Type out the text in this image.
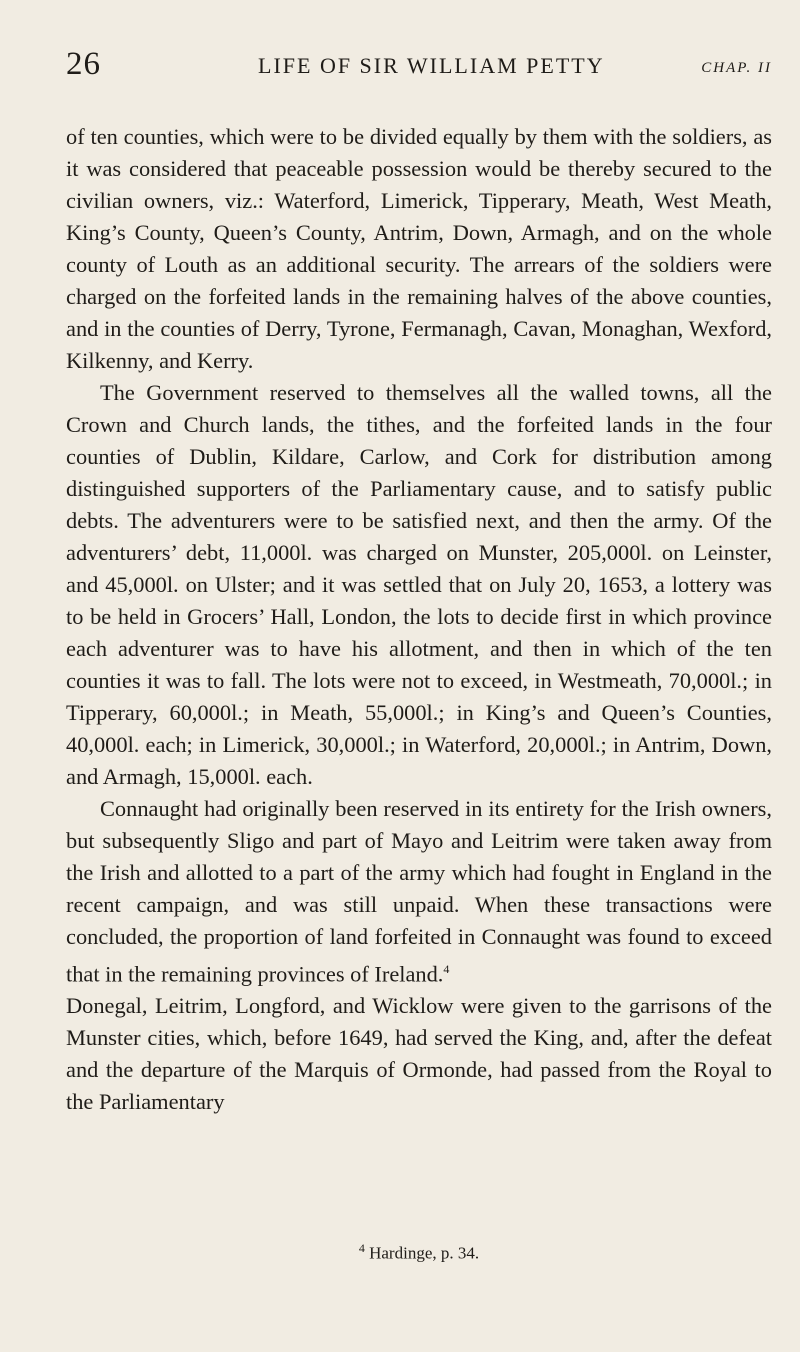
26	LIFE OF SIR WILLIAM PETTY	CHAP. II

of ten counties, which were to be divided equally by them with the soldiers, as it was considered that peaceable possession would be thereby secured to the civilian owners, viz.: Waterford, Limerick, Tipperary, Meath, West Meath, King’s County, Queen’s County, Antrim, Down, Armagh, and on the whole county of Louth as an additional security. The arrears of the soldiers were charged on the forfeited lands in the remaining halves of the above counties, and in the counties of Derry, Tyrone, Fermanagh, Cavan, Monaghan, Wexford, Kilkenny, and Kerry.

The Government reserved to themselves all the walled towns, all the Crown and Church lands, the tithes, and the forfeited lands in the four counties of Dublin, Kildare, Carlow, and Cork for distribution among distinguished supporters of the Parliamentary cause, and to satisfy public debts. The adventurers were to be satisfied next, and then the army. Of the adventurers’ debt, 11,000l. was charged on Munster, 205,000l. on Leinster, and 45,000l. on Ulster; and it was settled that on July 20, 1653, a lottery was to be held in Grocers’ Hall, London, the lots to decide first in which province each adventurer was to have his allotment, and then in which of the ten counties it was to fall. The lots were not to exceed, in Westmeath, 70,000l.; in Tipperary, 60,000l.; in Meath, 55,000l.; in King’s and Queen’s Counties, 40,000l. each; in Limerick, 30,000l.; in Waterford, 20,000l.; in Antrim, Down, and Armagh, 15,000l. each.

Connaught had originally been reserved in its entirety for the Irish owners, but subsequently Sligo and part of Mayo and Leitrim were taken away from the Irish and allotted to a part of the army which had fought in England in the recent campaign, and was still unpaid. When these transactions were concluded, the proportion of land forfeited in Connaught was found to exceed that in the remaining provinces of Ireland.$^4$

Donegal, Leitrim, Longford, and Wicklow were given to the garrisons of the Munster cities, which, before 1649, had served the King, and, after the defeat and the departure of the Marquis of Ormonde, had passed from the Royal to the Parliamentary

$^4$ Hardinge, p. 34.
